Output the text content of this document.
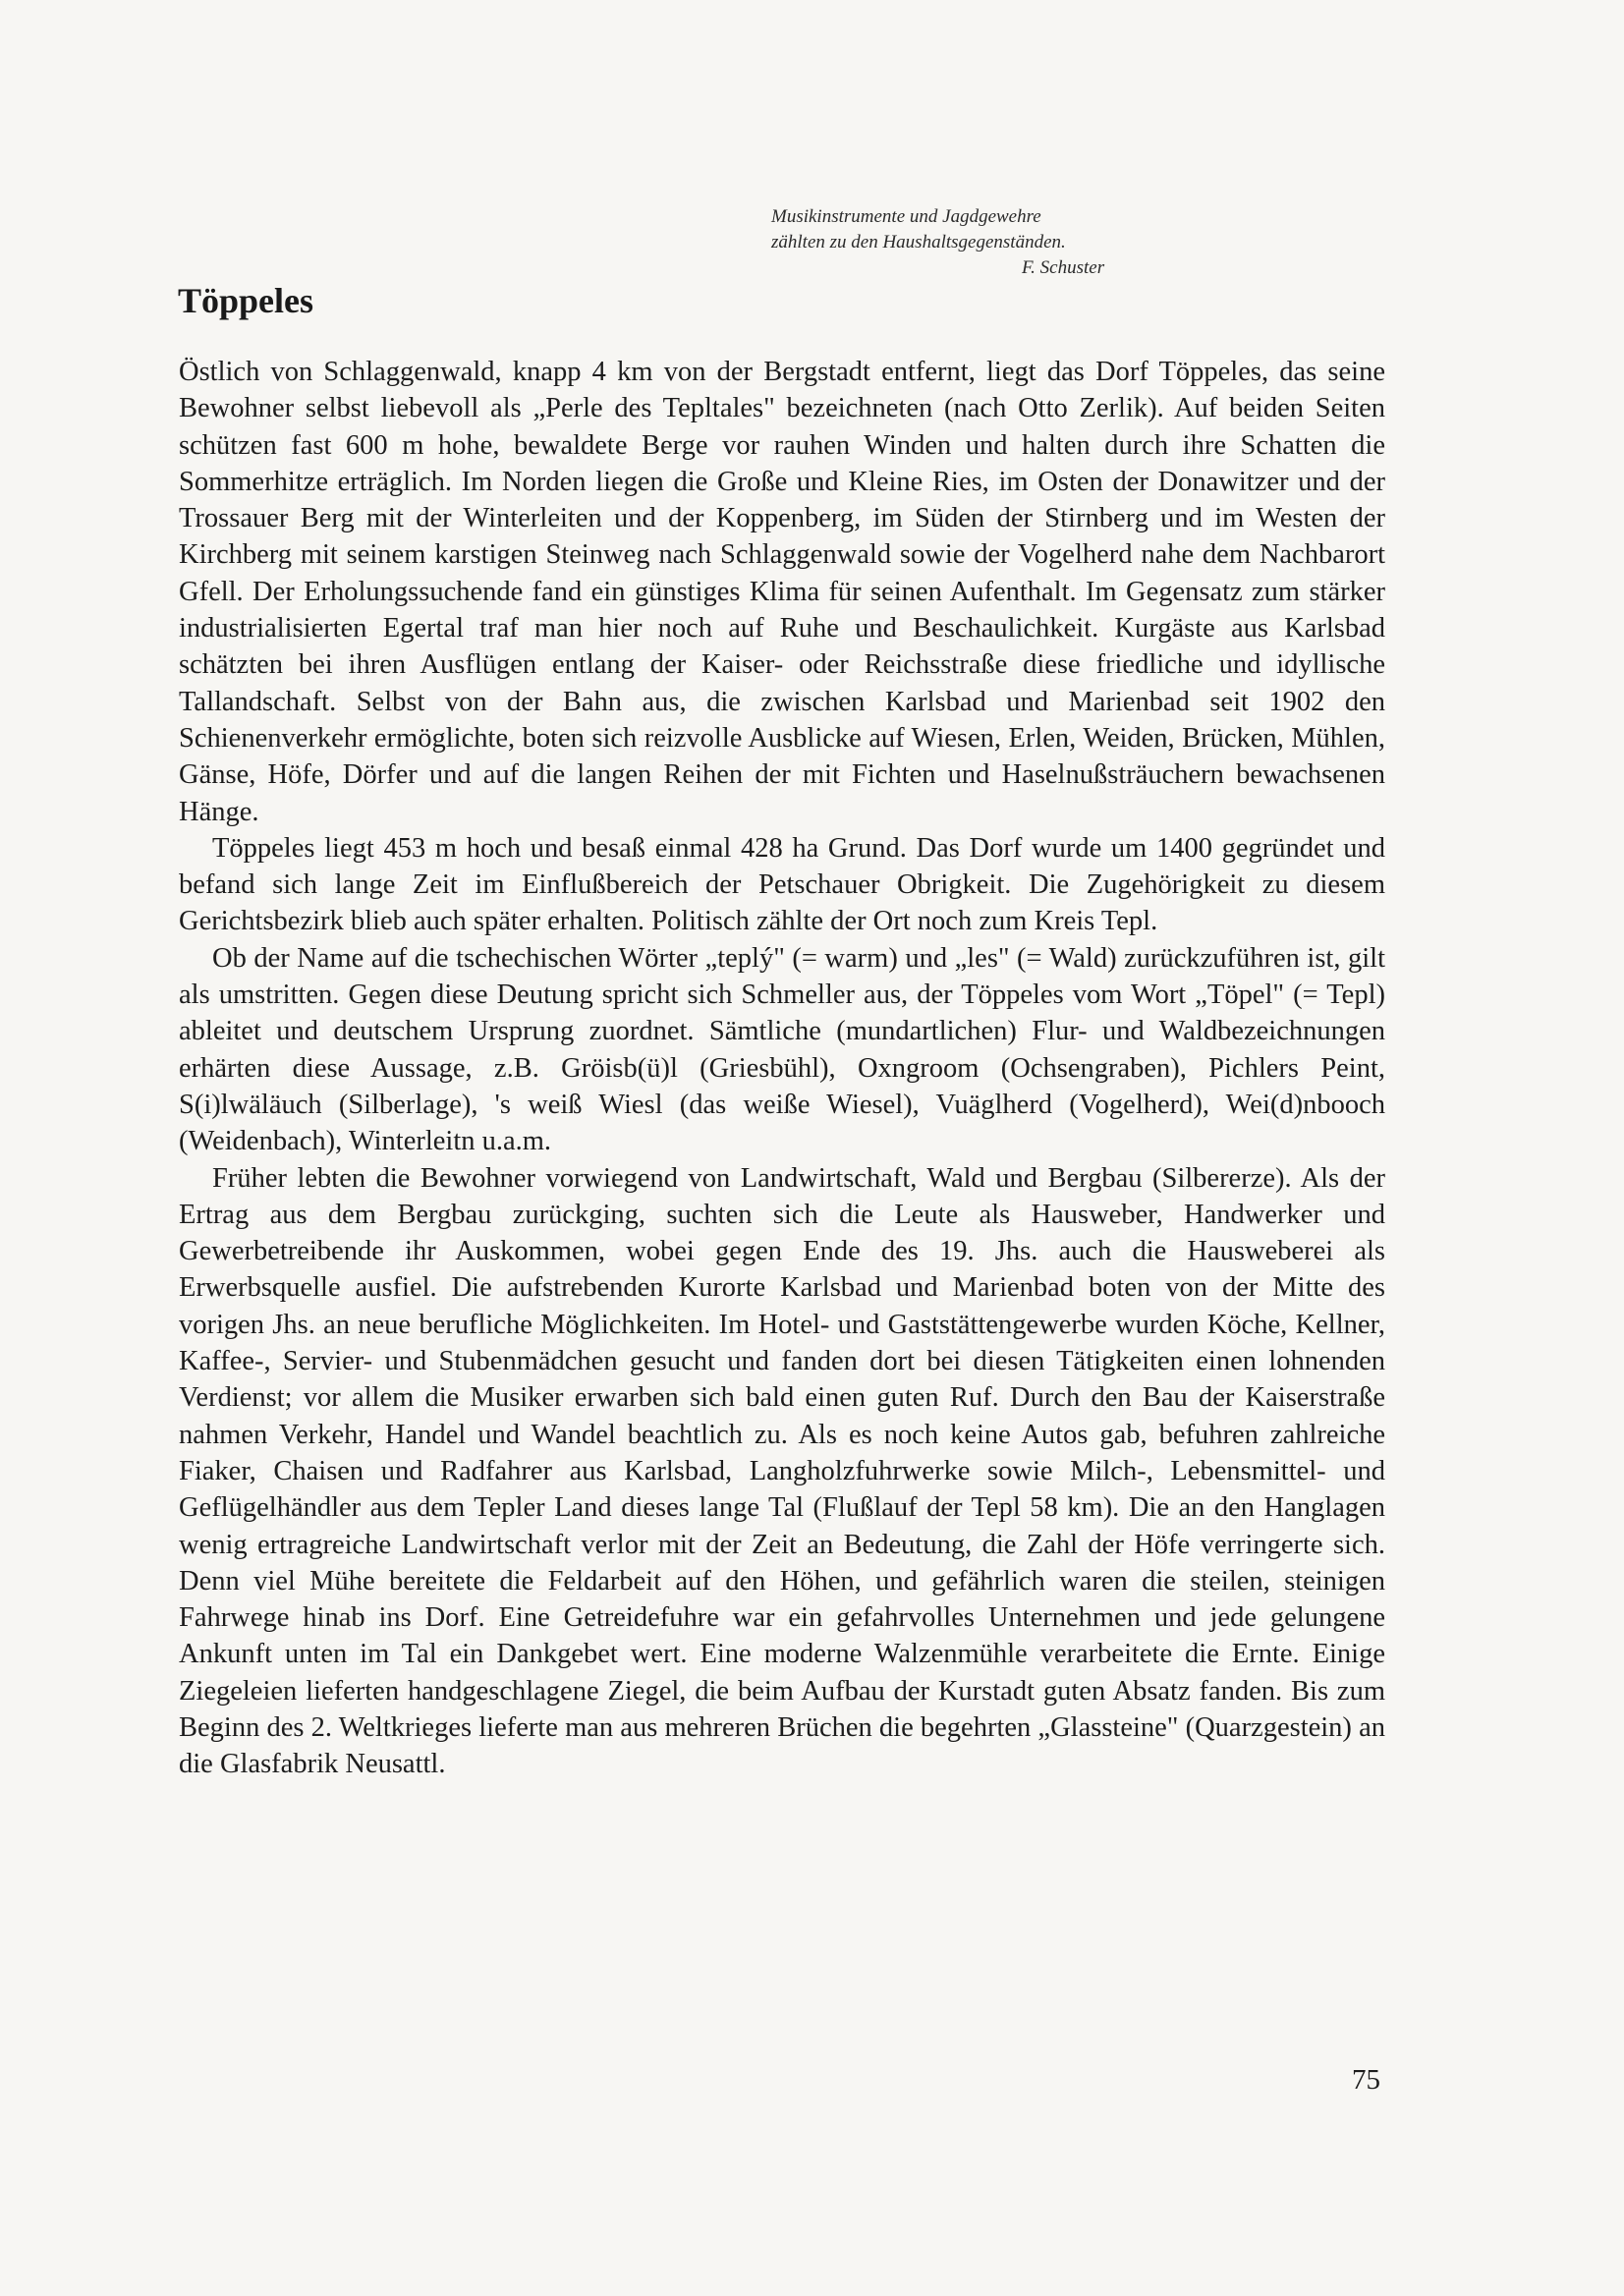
Musikinstrumente und Jagdgewehre
zählten zu den Haushaltsgegenständen.
F. Schuster
Töppeles

Östlich von Schlaggenwald, knapp 4 km von der Bergstadt entfernt, liegt das Dorf Töppeles, das seine Bewohner selbst liebevoll als „Perle des Tepltales" bezeichneten (nach Otto Zerlik). Auf beiden Seiten schützen fast 600 m hohe, bewaldete Berge vor rauhen Winden und halten durch ihre Schatten die Sommerhitze erträglich. Im Norden liegen die Große und Kleine Ries, im Osten der Donawitzer und der Trossauer Berg mit der Winterleiten und der Koppenberg, im Süden der Stirnberg und im Westen der Kirchberg mit seinem karstigen Steinweg nach Schlaggenwald sowie der Vogelherd nahe dem Nachbarort Gfell. Der Erholungssuchende fand ein günstiges Klima für seinen Aufenthalt. Im Gegensatz zum stärker industrialisierten Egertal traf man hier noch auf Ruhe und Beschaulichkeit. Kurgäste aus Karlsbad schätzten bei ihren Ausflügen entlang der Kaiser- oder Reichsstraße diese friedliche und idyllische Tallandschaft. Selbst von der Bahn aus, die zwischen Karlsbad und Marienbad seit 1902 den Schienenverkehr ermöglichte, boten sich reizvolle Ausblicke auf Wiesen, Erlen, Weiden, Brücken, Mühlen, Gänse, Höfe, Dörfer und auf die langen Reihen der mit Fichten und Haselnußsträuchern bewachsenen Hänge.

Töppeles liegt 453 m hoch und besaß einmal 428 ha Grund. Das Dorf wurde um 1400 gegründet und befand sich lange Zeit im Einflußbereich der Petschauer Obrigkeit. Die Zugehörigkeit zu diesem Gerichtsbezirk blieb auch später erhalten. Politisch zählte der Ort noch zum Kreis Tepl.

Ob der Name auf die tschechischen Wörter „teplý" (= warm) und „les" (= Wald) zurückzuführen ist, gilt als umstritten. Gegen diese Deutung spricht sich Schmeller aus, der Töppeles vom Wort „Töpel" (= Tepl) ableitet und deutschem Ursprung zuordnet. Sämtliche (mundartlichen) Flur- und Waldbezeichnungen erhärten diese Aussage, z.B. Gröisb(ü)l (Griesbühl), Oxngroom (Ochsengraben), Pichlers Peint, S(i)lwäläuch (Silberlage), 's weiß Wiesl (das weiße Wiesel), Vuäglherd (Vogelherd), Wei(d)nbooch (Weidenbach), Winterleitn u.a.m.

Früher lebten die Bewohner vorwiegend von Landwirtschaft, Wald und Bergbau (Silbererze). Als der Ertrag aus dem Bergbau zurückging, suchten sich die Leute als Hausweber, Handwerker und Gewerbetreibende ihr Auskommen, wobei gegen Ende des 19. Jhs. auch die Hausweberei als Erwerbsquelle ausfiel. Die aufstrebenden Kurorte Karlsbad und Marienbad boten von der Mitte des vorigen Jhs. an neue berufliche Möglichkeiten. Im Hotel- und Gaststättengewerbe wurden Köche, Kellner, Kaffee-, Servier- und Stubenmädchen gesucht und fanden dort bei diesen Tätigkeiten einen lohnenden Verdienst; vor allem die Musiker erwarben sich bald einen guten Ruf. Durch den Bau der Kaiserstraße nahmen Verkehr, Handel und Wandel beachtlich zu. Als es noch keine Autos gab, befuhren zahlreiche Fiaker, Chaisen und Radfahrer aus Karlsbad, Langholzfuhrwerke sowie Milch-, Lebensmittel- und Geflügelhändler aus dem Tepler Land dieses lange Tal (Flußlauf der Tepl 58 km). Die an den Hanglagen wenig ertragreiche Landwirtschaft verlor mit der Zeit an Bedeutung, die Zahl der Höfe verringerte sich. Denn viel Mühe bereitete die Feldarbeit auf den Höhen, und gefährlich waren die steilen, steinigen Fahrwege hinab ins Dorf. Eine Getreidefuhre war ein gefahrvolles Unternehmen und jede gelungene Ankunft unten im Tal ein Dankgebet wert. Eine moderne Walzenmühle verarbeitete die Ernte. Einige Ziegeleien lieferten handgeschlagene Ziegel, die beim Aufbau der Kurstadt guten Absatz fanden. Bis zum Beginn des 2. Weltkrieges lieferte man aus mehreren Brüchen die begehrten „Glassteine" (Quarzgestein) an die Glasfabrik Neusattl.

75
